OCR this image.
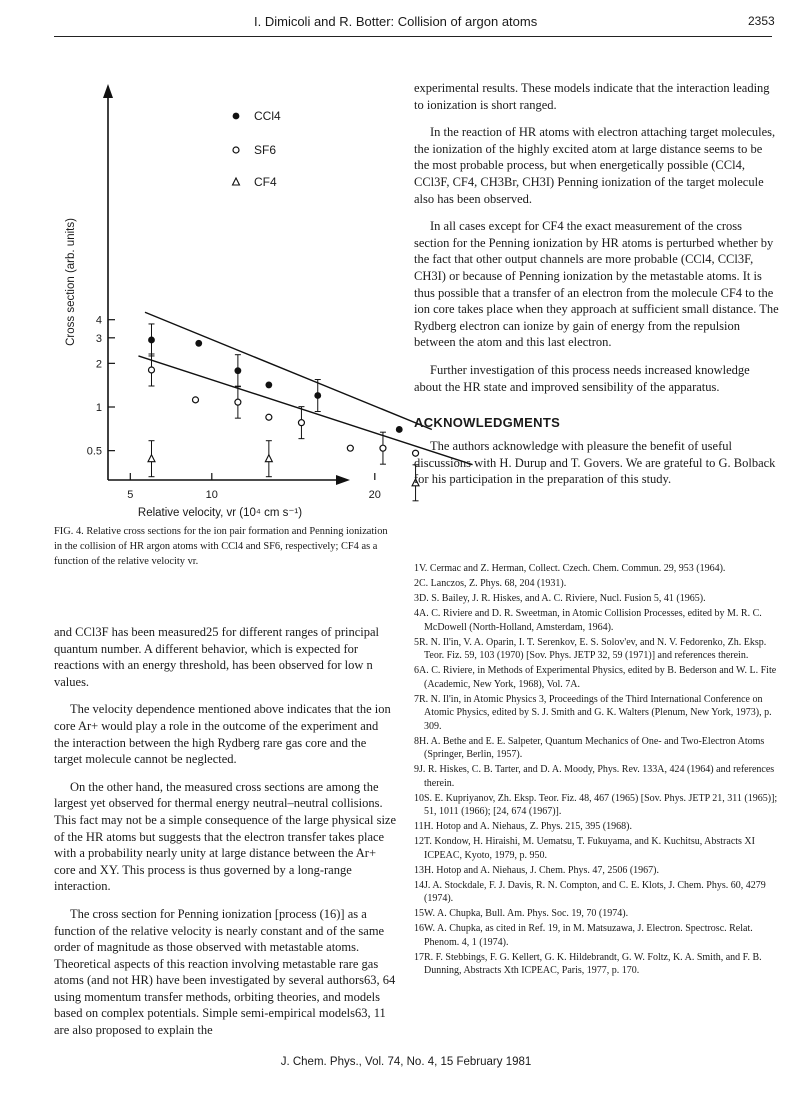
I. Dimicoli and R. Botter: Collision of argon atoms	2353
0.5
1
2
3
4
5	10	20
Relative velocity, vr (10⁴ cm s⁻¹)
Cross section (arb. units)
CCl4
SF6
CF4

FIG. 4. Relative cross sections for the ion pair formation and Penning ionization in the collision of HR argon atoms with CCl4 and SF6, respectively; CF4 as a function of the relative velocity vr.

and CCl3F has been measured25 for different ranges of principal quantum number. A different behavior, which is expected for reactions with an energy threshold, has been observed for low n values.

The velocity dependence mentioned above indicates that the ion core Ar+ would play a role in the outcome of the experiment and the interaction between the high Rydberg rare gas core and the target molecule cannot be neglected.

On the other hand, the measured cross sections are among the largest yet observed for thermal energy neutral–neutral collisions. This fact may not be a simple consequence of the large physical size of the HR atoms but suggests that the electron transfer takes place with a probability nearly unity at large distance between the Ar+ core and XY. This process is thus governed by a long-range interaction.

The cross section for Penning ionization [process (16)] as a function of the relative velocity is nearly constant and of the same order of magnitude as those observed with metastable atoms. Theoretical aspects of this reaction involving metastable rare gas atoms (and not HR) have been investigated by several authors63, 64 using momentum transfer methods, orbiting theories, and models based on complex potentials. Simple semi-empirical models63, 11 are also proposed to explain the

experimental results. These models indicate that the interaction leading to ionization is short ranged.

In the reaction of HR atoms with electron attaching target molecules, the ionization of the highly excited atom at large distance seems to be the most probable process, but when energetically possible (CCl4, CCl3F, CF4, CH3Br, CH3I) Penning ionization of the target molecule also has been observed.

In all cases except for CF4 the exact measurement of the cross section for the Penning ionization by HR atoms is perturbed whether by the fact that other output channels are more probable (CCl4, CCl3F, CH3I) or because of Penning ionization by the metastable atoms. It is thus possible that a transfer of an electron from the molecule CF4 to the ion core takes place when they approach at sufficient small distance. The Rydberg electron can ionize by gain of energy from the repulsion between the atom and this last electron.

Further investigation of this process needs increased knowledge about the HR state and improved sensibility of the apparatus.

ACKNOWLEDGMENTS

The authors acknowledge with pleasure the benefit of useful discussions with H. Durup and T. Govers. We are grateful to G. Bolback for his participation in the preparation of this study.

1V. Cermac and Z. Herman, Collect. Czech. Chem. Commun. 29, 953 (1964).

2C. Lanczos, Z. Phys. 68, 204 (1931).

3D. S. Bailey, J. R. Hiskes, and A. C. Riviere, Nucl. Fusion 5, 41 (1965).

4A. C. Riviere and D. R. Sweetman, in Atomic Collision Processes, edited by M. R. C. McDowell (North-Holland, Amsterdam, 1964).

5R. N. Il'in, V. A. Oparin, I. T. Serenkov, E. S. Solov'ev, and N. V. Fedorenko, Zh. Eksp. Teor. Fiz. 59, 103 (1970) [Sov. Phys. JETP 32, 59 (1971)] and references therein.

6A. C. Riviere, in Methods of Experimental Physics, edited by B. Bederson and W. L. Fite (Academic, New York, 1968), Vol. 7A.

7R. N. Il'in, in Atomic Physics 3, Proceedings of the Third International Conference on Atomic Physics, edited by S. J. Smith and G. K. Walters (Plenum, New York, 1973), p. 309.

8H. A. Bethe and E. E. Salpeter, Quantum Mechanics of One- and Two-Electron Atoms (Springer, Berlin, 1957).

9J. R. Hiskes, C. B. Tarter, and D. A. Moody, Phys. Rev. 133A, 424 (1964) and references therein.

10S. E. Kupriyanov, Zh. Eksp. Teor. Fiz. 48, 467 (1965) [Sov. Phys. JETP 21, 311 (1965)]; 51, 1011 (1966); [24, 674 (1967)].

11H. Hotop and A. Niehaus, Z. Phys. 215, 395 (1968).

12T. Kondow, H. Hiraishi, M. Uematsu, T. Fukuyama, and K. Kuchitsu, Abstracts XI ICPEAC, Kyoto, 1979, p. 950.

13H. Hotop and A. Niehaus, J. Chem. Phys. 47, 2506 (1967).

14J. A. Stockdale, F. J. Davis, R. N. Compton, and C. E. Klots, J. Chem. Phys. 60, 4279 (1974).

15W. A. Chupka, Bull. Am. Phys. Soc. 19, 70 (1974).

16W. A. Chupka, as cited in Ref. 19, in M. Matsuzawa, J. Electron. Spectrosc. Relat. Phenom. 4, 1 (1974).

17R. F. Stebbings, F. G. Kellert, G. K. Hildebrandt, G. W. Foltz, K. A. Smith, and F. B. Dunning, Abstracts Xth ICPEAC, Paris, 1977, p. 170.

J. Chem. Phys., Vol. 74, No. 4, 15 February 1981
